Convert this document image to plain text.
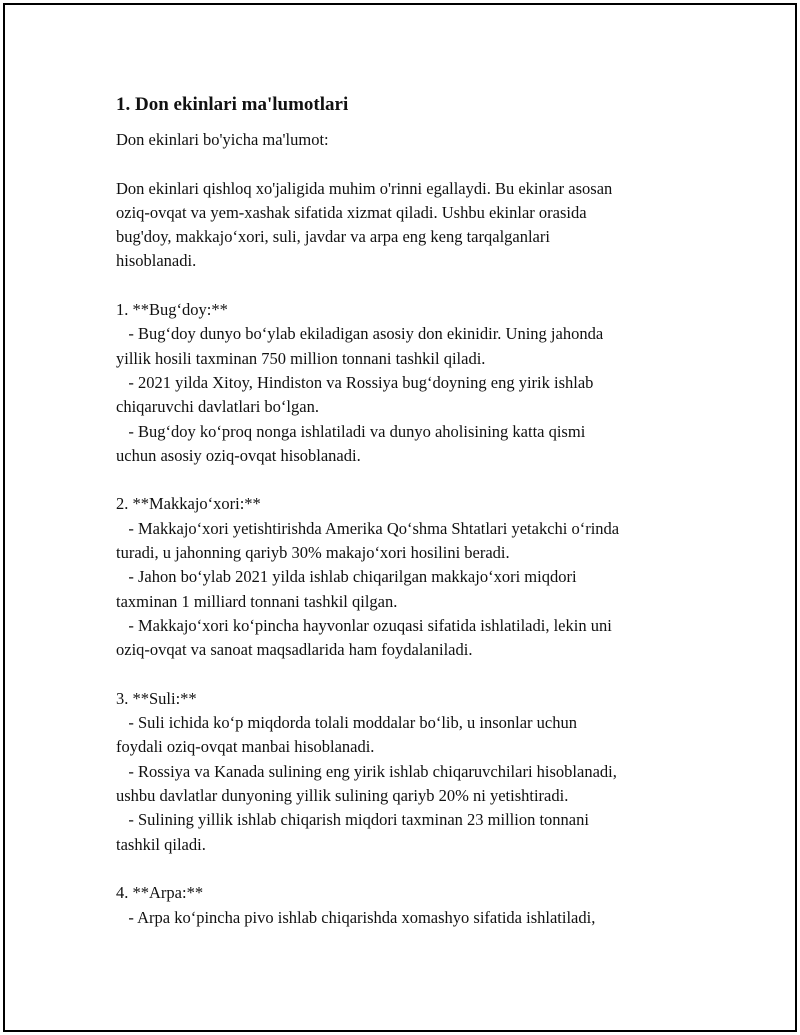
1. Don ekinlari ma'lumotlari
Don ekinlari bo'yicha ma'lumot:
Don ekinlari qishloq xo'jaligida muhim o'rinni egallaydi. Bu ekinlar asosan
oziq-ovqat va yem-xashak sifatida xizmat qiladi. Ushbu ekinlar orasida
bug'doy, makkajo‘xori, suli, javdar va arpa eng keng tarqalganlari
hisoblanadi.
1. **Bug‘doy:**
- Bug‘doy dunyo bo‘ylab ekiladigan asosiy don ekinidir. Uning jahonda
yillik hosili taxminan 750 million tonnani tashkil qiladi.
- 2021 yilda Xitoy, Hindiston va Rossiya bug‘doyning eng yirik ishlab
chiqaruvchi davlatlari bo‘lgan.
- Bug‘doy ko‘proq nonga ishlatiladi va dunyo aholisining katta qismi
uchun asosiy oziq-ovqat hisoblanadi.
2. **Makkajo‘xori:**
- Makkajo‘xori yetishtirishda Amerika Qo‘shma Shtatlari yetakchi o‘rinda
turadi, u jahonning qariyb 30% makajo‘xori hosilini beradi.
- Jahon bo‘ylab 2021 yilda ishlab chiqarilgan makkajo‘xori miqdori
taxminan 1 milliard tonnani tashkil qilgan.
- Makkajo‘xori ko‘pincha hayvonlar ozuqasi sifatida ishlatiladi, lekin uni
oziq-ovqat va sanoat maqsadlarida ham foydalaniladi.
3. **Suli:**
- Suli ichida ko‘p miqdorda tolali moddalar bo‘lib, u insonlar uchun
foydali oziq-ovqat manbai hisoblanadi.
- Rossiya va Kanada sulining eng yirik ishlab chiqaruvchilari hisoblanadi,
ushbu davlatlar dunyoning yillik sulining qariyb 20% ni yetishtiradi.
- Sulining yillik ishlab chiqarish miqdori taxminan 23 million tonnani
tashkil qiladi.
4. **Arpa:**
- Arpa ko‘pincha pivo ishlab chiqarishda xomashyo sifatida ishlatiladi,
